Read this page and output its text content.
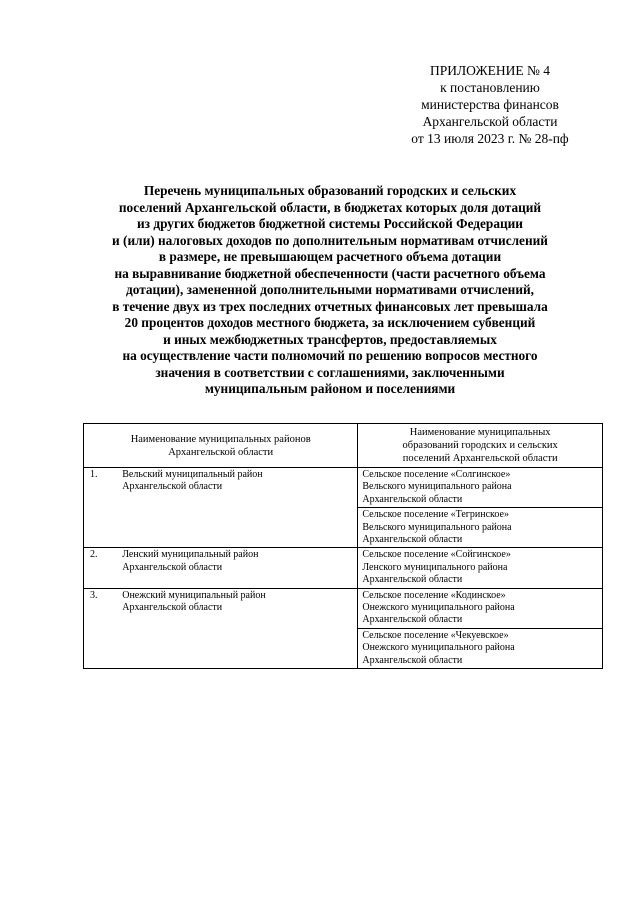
ПРИЛОЖЕНИЕ № 4
к постановлению
министерства финансов
Архангельской области
от 13 июля 2023 г. № 28-пф
Перечень муниципальных образований городских и сельских
поселений Архангельской области, в бюджетах которых доля дотаций
из других бюджетов бюджетной системы Российской Федерации
и (или) налоговых доходов по дополнительным нормативам отчислений
в размере, не превышающем расчетного объема дотации
на выравнивание бюджетной обеспеченности (части расчетного объема
дотации), замененной дополнительными нормативами отчислений,
в течение двух из трех последних отчетных финансовых лет превышала
20 процентов доходов местного бюджета, за исключением субвенций
и иных межбюджетных трансфертов, предоставляемых
на осуществление части полномочий по решению вопросов местного
значения в соответствии с соглашениями, заключенными
муниципальным районом и поселениями
Наименование муниципальных районов
Архангельской области		Наименование муниципальных
образований городских и сельских
поселений Архангельской области

1.	Вельский муниципальный район
Архангельской области	Сельское поселение «Солгинское»
Вельского муниципального района
Архангельской области

		Сельское поселение «Тегринское»
Вельского муниципального района
Архангельской области

2.	Ленский муниципальный район
Архангельской области	Сельское поселение «Сойгинское»
Ленского муниципального района
Архангельской области

3.	Онежский муниципальный район
Архангельской области	Сельское поселение «Кодинское»
Онежского муниципального района
Архангельской области

		Сельское поселение «Чекуевское»
Онежского муниципального района
Архангельской области
